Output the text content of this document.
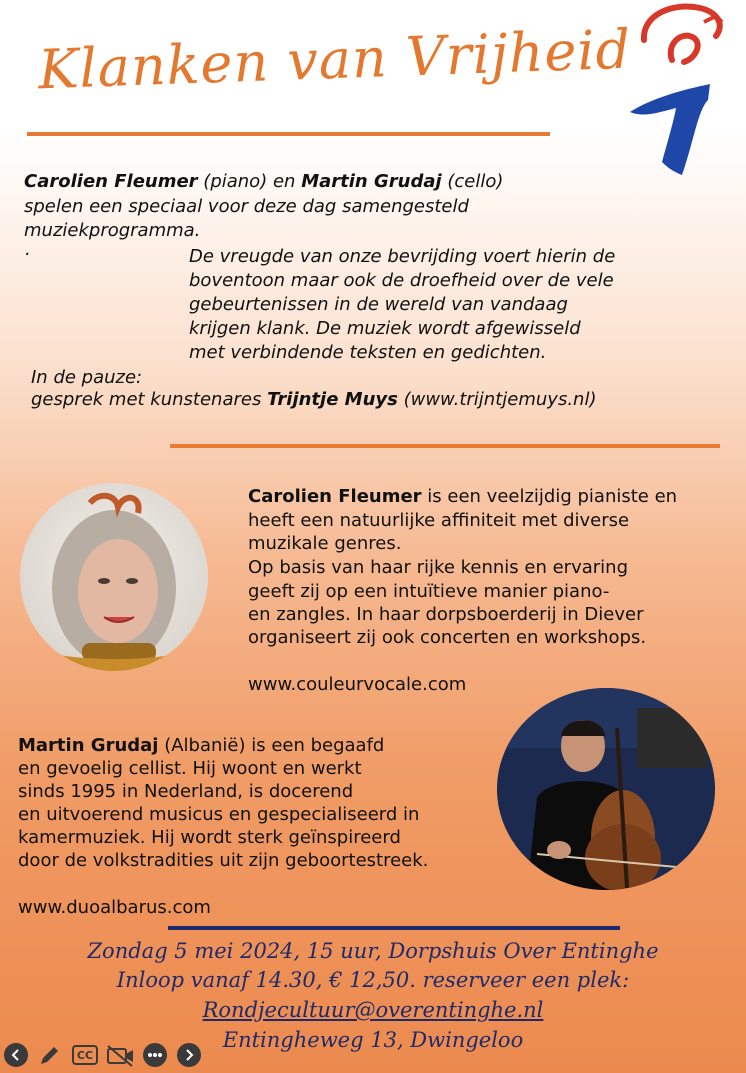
Klanken van Vrijheid
Carolien Fleumer (piano) en Martin Grudaj (cello)
spelen een speciaal voor deze dag samengesteld
muziekprogramma.
·	De vreugde van onze bevrijding voert hierin de
boventoon maar ook de droefheid over de vele
gebeurtenissen in de wereld van vandaag
krijgen klank. De muziek wordt afgewisseld
met verbindende teksten en gedichten.
In de pauze:
gesprek met kunstenares Trijntje Muys (www.trijntjemuys.nl)
Carolien Fleumer is een veelzijdig pianiste en
heeft een natuurlijke affiniteit met diverse
muzikale genres.
Op basis van haar rijke kennis en ervaring
geeft zij op een intuïtieve manier piano-
en zangles. In haar dorpsboerderij in Diever
organiseert zij ook concerten en workshops.
www.couleurvocale.com
Martin Grudaj (Albanië) is een begaafd
en gevoelig cellist. Hij woont en werkt
sinds 1995 in Nederland, is docerend
en uitvoerend musicus en gespecialiseerd in
kamermuziek. Hij wordt sterk geïnspireerd
door de volkstradities uit zijn geboortestreek.
www.duoalbarus.com
Zondag 5 mei 2024, 15 uur, Dorpshuis Over Entinghe
Inloop vanaf 14.30, € 12,50. reserveer een plek:
Rondjecultuur@overentinghe.nl
Entingheweg 13, Dwingeloo
CC
